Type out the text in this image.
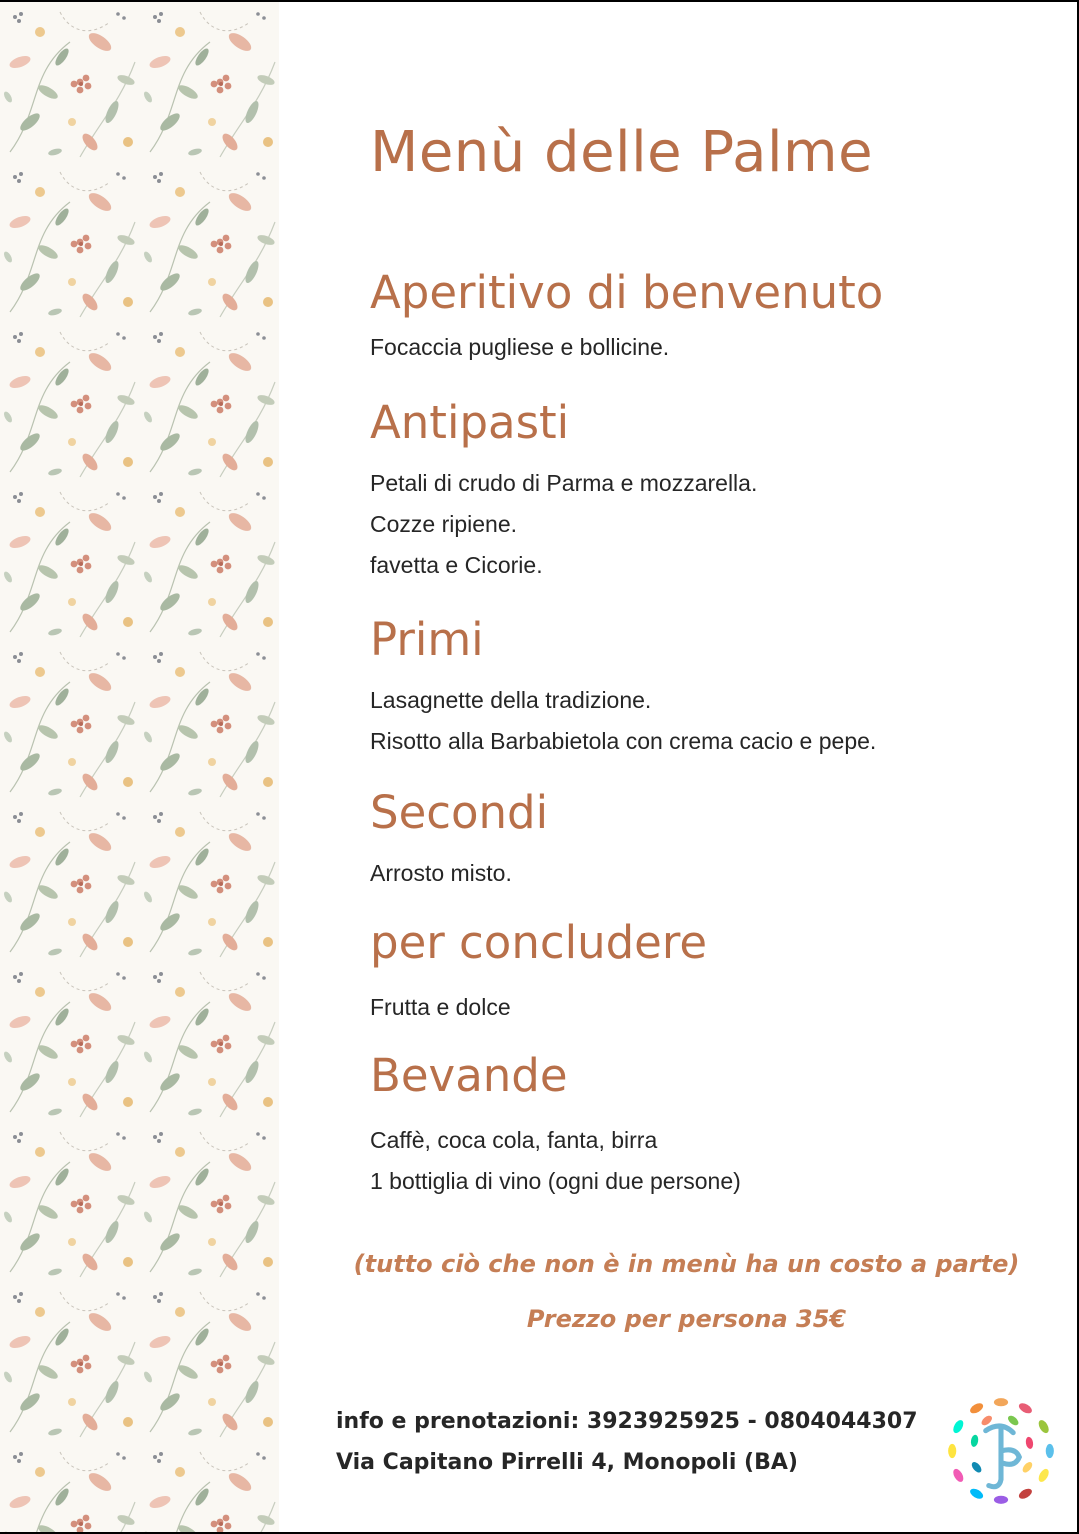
Menù delle Palme
Aperitivo di benvenuto
Focaccia pugliese e bollicine.
Antipasti
Petali di crudo di Parma e mozzarella.
Cozze ripiene.
favetta e Cicorie.
Primi
Lasagnette della tradizione.
Risotto alla Barbabietola con crema cacio e pepe.
Secondi
Arrosto misto.
per concludere
Frutta e dolce
Bevande
Caffè, coca cola, fanta, birra
1 bottiglia di vino (ogni due persone)
(tutto ciò che non è in menù ha un costo a parte)
Prezzo per persona 35€
info e prenotazioni: 3923925925 - 0804044307
Via Capitano Pirrelli 4, Monopoli (BA)
